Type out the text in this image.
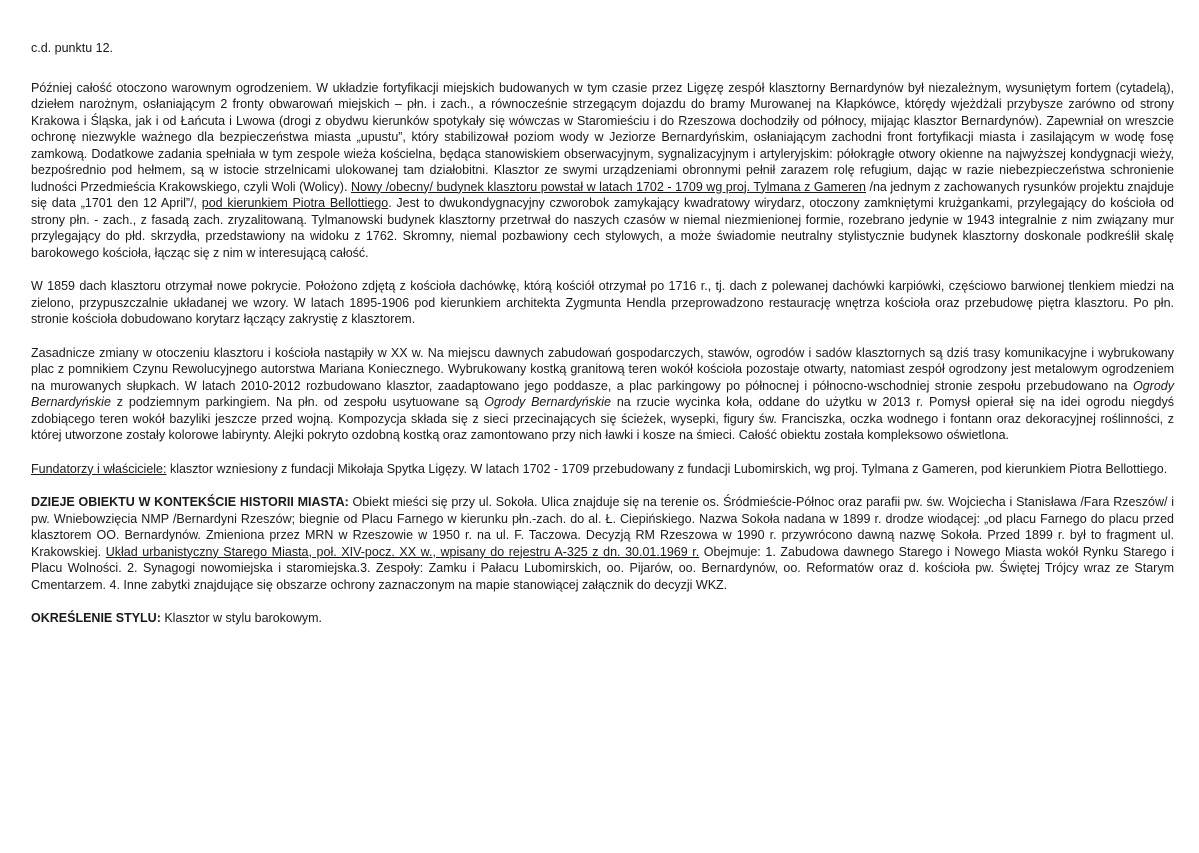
c.d. punktu 12.

Później całość otoczono warownym ogrodzeniem. W układzie fortyfikacji miejskich budowanych w tym czasie przez Ligęzę zespół klasztorny Bernardynów był niezależnym, wysuniętym fortem (cytadelą), dziełem narożnym, osłaniającym 2 fronty obwarowań miejskich – płn. i zach., a równocześnie strzegącym dojazdu do bramy Murowanej na Kłapkówce, którędy wjeżdżali przybysze zarówno od strony Krakowa i Śląska, jak i od Łańcuta i Lwowa (drogi z obydwu kierunków spotykały się wówczas w Staromieściu i do Rzeszowa dochodziły od północy, mijając klasztor Bernardynów). Zapewniał on wreszcie ochronę niezwykle ważnego dla bezpieczeństwa miasta „upustu”, który stabilizował poziom wody w Jeziorze Bernardyńskim, osłaniającym zachodni front fortyfikacji miasta i zasilającym w wodę fosę zamkową. Dodatkowe zadania spełniała w tym zespole wieża kościelna, będąca stanowiskiem obserwacyjnym, sygnalizacyjnym i artyleryjskim: półokrągłe otwory okienne na najwyższej kondygnacji wieży, bezpośrednio pod hełmem, są w istocie strzelnicami ulokowanej tam działobitni. Klasztor ze swymi urządzeniami obronnymi pełnił zarazem rolę refugium, dając w razie niebezpieczeństwa schronienie ludności Przedmieścia Krakowskiego, czyli Woli (Wolicy). Nowy /obecny/ budynek klasztoru powstał w latach 1702 - 1709 wg proj. Tylmana z Gameren /na jednym z zachowanych rysunków projektu znajduje się data „1701 den 12 April”/, pod kierunkiem Piotra Bellottiego. Jest to dwukondygnacyjny czworobok zamykający kwadratowy wirydarz, otoczony zamkniętymi krużgankami, przylegający do kościoła od strony płn. - zach., z fasadą zach. zryzalitowaną. Tylmanowski budynek klasztorny przetrwał do naszych czasów w niemal niezmienionej formie, rozebrano jedynie w 1943 integralnie z nim związany mur przylegający do płd. skrzydła, przedstawiony na widoku z 1762. Skromny, niemal pozbawiony cech stylowych, a może świadomie neutralny stylistycznie budynek klasztorny doskonale podkreślił skalę barokowego kościoła, łącząc się z nim w interesującą całość.

W 1859 dach klasztoru otrzymał nowe pokrycie. Położono zdjętą z kościoła dachówkę, którą kościół otrzymał po 1716 r., tj. dach z polewanej dachówki karpiówki, częściowo barwionej tlenkiem miedzi na zielono, przypuszczalnie układanej we wzory. W latach 1895-1906 pod kierunkiem architekta Zygmunta Hendla przeprowadzono restaurację wnętrza kościoła oraz przebudowę piętra klasztoru. Po płn. stronie kościoła dobudowano korytarz łączący zakrystię z klasztorem.

Zasadnicze zmiany w otoczeniu klasztoru i kościoła nastąpiły w XX w. Na miejscu dawnych zabudowań gospodarczych, stawów, ogrodów i sadów klasztornych są dziś trasy komunikacyjne i wybrukowany plac z pomnikiem Czynu Rewolucyjnego autorstwa Mariana Koniecznego. Wybrukowany kostką granitową teren wokół kościoła pozostaje otwarty, natomiast zespół ogrodzony jest metalowym ogrodzeniem na murowanych słupkach. W latach 2010-2012 rozbudowano klasztor, zaadaptowano jego poddasze, a plac parkingowy po północnej i północno-wschodniej stronie zespołu przebudowano na Ogrody Bernardyńskie z podziemnym parkingiem. Na płn. od zespołu usytuowane są Ogrody Bernardyńskie na rzucie wycinka koła, oddane do użytku w 2013 r. Pomysł opierał się na idei ogrodu niegdyś zdobiącego teren wokół bazyliki jeszcze przed wojną. Kompozycja składa się z sieci przecinających się ścieżek, wysepki, figury św. Franciszka, oczka wodnego i fontann oraz dekoracyjnej roślinności, z której utworzone zostały kolorowe labirynty. Alejki pokryto ozdobną kostką oraz zamontowano przy nich ławki i kosze na śmieci. Całość obiektu została kompleksowo oświetlona.

Fundatorzy i właściciele: klasztor wzniesiony z fundacji Mikołaja Spytka Ligęzy. W latach 1702 - 1709 przebudowany z fundacji Lubomirskich, wg proj. Tylmana z Gameren, pod kierunkiem Piotra Bellottiego.

DZIEJE OBIEKTU W KONTEKŚCIE HISTORII MIASTA: Obiekt mieści się przy ul. Sokoła. Ulica znajduje się na terenie os. Śródmieście-Północ oraz parafii pw. św. Wojciecha i Stanisława /Fara Rzeszów/ i pw. Wniebowzięcia NMP /Bernardyni Rzeszów; biegnie od Placu Farnego w kierunku płn.-zach. do al. Ł. Ciepińskiego. Nazwa Sokoła nadana w 1899 r. drodze wiodącej: „od placu Farnego do placu przed klasztorem OO. Bernardynów. Zmieniona przez MRN w Rzeszowie w 1950 r. na ul. F. Taczowa. Decyzją RM Rzeszowa w 1990 r. przywrócono dawną nazwę Sokoła. Przed 1899 r. był to fragment ul. Krakowskiej. Układ urbanistyczny Starego Miasta, poł. XIV-pocz. XX w., wpisany do rejestru A-325 z dn. 30.01.1969 r. Obejmuje: 1. Zabudowa dawnego Starego i Nowego Miasta wokół Rynku Starego i Placu Wolności. 2. Synagogi nowomiejska i staromiejska.3. Zespoły: Zamku i Pałacu Lubomirskich, oo. Pijarów, oo. Bernardynów, oo. Reformatów oraz d. kościoła pw. Świętej Trójcy wraz ze Starym Cmentarzem. 4. Inne zabytki znajdujące się obszarze ochrony zaznaczonym na mapie stanowiącej załącznik do decyzji WKZ.

OKREŚLENIE STYLU: Klasztor w stylu barokowym.
